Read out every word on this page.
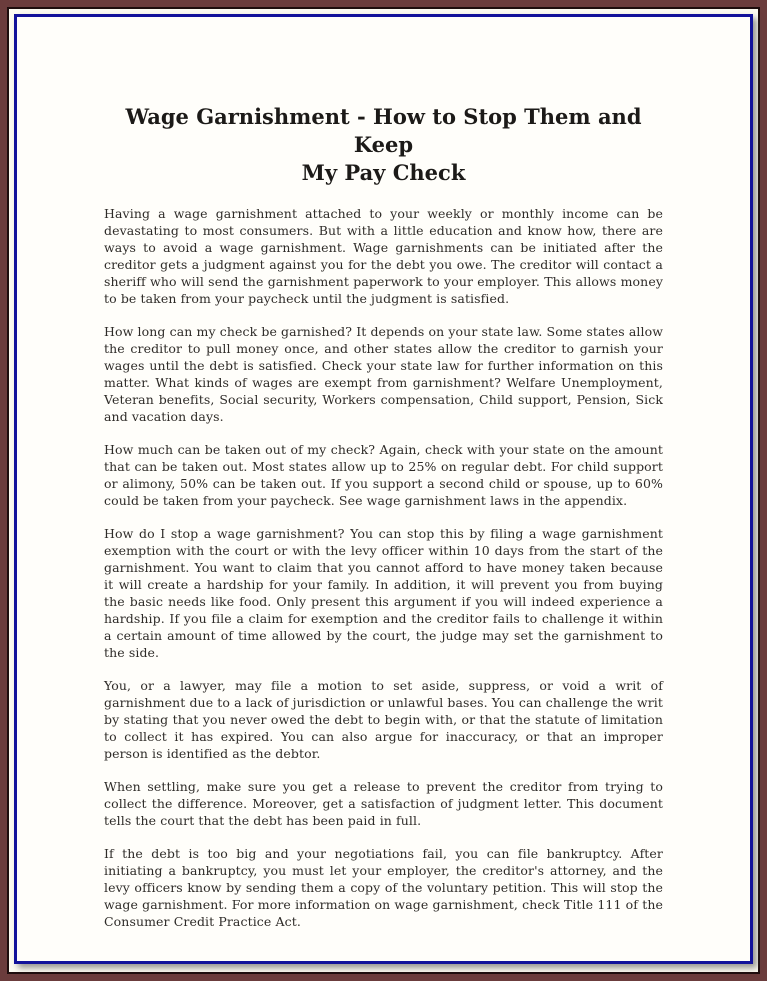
Wage Garnishment - How to Stop Them and Keep
My Pay Check

Having a wage garnishment attached to your weekly or monthly income can be devastating to most consumers. But with a little education and know how, there are ways to avoid a wage garnishment. Wage garnishments can be initiated after the creditor gets a judgment against you for the debt you owe. The creditor will contact a sheriff who will send the garnishment paperwork to your employer. This allows money to be taken from your paycheck until the judgment is satisfied.

How long can my check be garnished? It depends on your state law. Some states allow the creditor to pull money once, and other states allow the creditor to garnish your wages until the debt is satisfied. Check your state law for further information on this matter. What kinds of wages are exempt from garnishment? Welfare Unemployment, Veteran benefits, Social security, Workers compensation, Child support, Pension, Sick and vacation days.

How much can be taken out of my check? Again, check with your state on the amount that can be taken out. Most states allow up to 25% on regular debt. For child support or alimony, 50% can be taken out. If you support a second child or spouse, up to 60% could be taken from your paycheck. See wage garnishment laws in the appendix.

How do I stop a wage garnishment? You can stop this by filing a wage garnishment exemption with the court or with the levy officer within 10 days from the start of the garnishment. You want to claim that you cannot afford to have money taken because it will create a hardship for your family. In addition, it will prevent you from buying the basic needs like food. Only present this argument if you will indeed experience a hardship. If you file a claim for exemption and the creditor fails to challenge it within a certain amount of time allowed by the court, the judge may set the garnishment to the side.

You, or a lawyer, may file a motion to set aside, suppress, or void a writ of garnishment due to a lack of jurisdiction or unlawful bases. You can challenge the writ by stating that you never owed the debt to begin with, or that the statute of limitation to collect it has expired. You can also argue for inaccuracy, or that an improper person is identified as the debtor.

When settling, make sure you get a release to prevent the creditor from trying to collect the difference. Moreover, get a satisfaction of judgment letter. This document tells the court that the debt has been paid in full.

If the debt is too big and your negotiations fail, you can file bankruptcy. After initiating a bankruptcy, you must let your employer, the creditor's attorney, and the levy officers know by sending them a copy of the voluntary petition. This will stop the wage garnishment. For more information on wage garnishment, check Title 111 of the Consumer Credit Practice Act.
